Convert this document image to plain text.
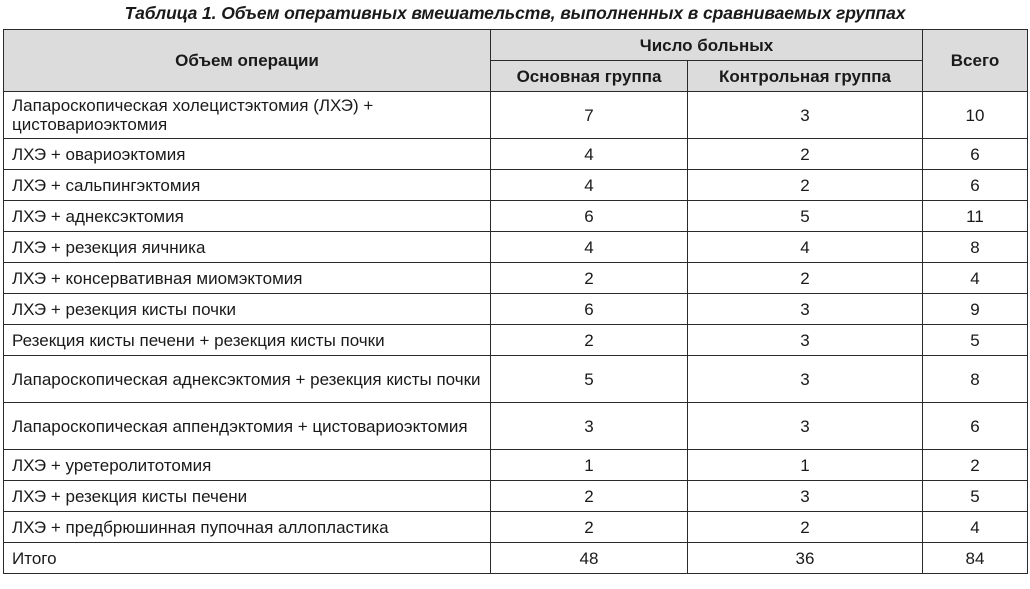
Таблица 1. Объем оперативных вмешательств, выполненных в сравниваемых группах
Объем операции	Число больных		Всего
	Основная группа	Контрольная группа	
Лапароскопическая холецистэктомия (ЛХЭ) + цистовариоэктомия	7	3	10
ЛХЭ + овариоэктомия	4	2	6
ЛХЭ + сальпингэктомия	4	2	6
ЛХЭ + аднексэктомия	6	5	11
ЛХЭ + резекция яичника	4	4	8
ЛХЭ + консервативная миомэктомия	2	2	4
ЛХЭ + резекция кисты почки	6	3	9
Резекция кисты печени + резекция кисты почки	2	3	5
Лапароскопическая аднексэктомия + резекция кисты почки	5	3	8
Лапароскопическая аппендэктомия + цистовариоэктомия	3	3	6
ЛХЭ + уретеролитотомия	1	1	2
ЛХЭ + резекция кисты печени	2	3	5
ЛХЭ + предбрюшинная пупочная аллопластика	2	2	4
Итого	48	36	84
